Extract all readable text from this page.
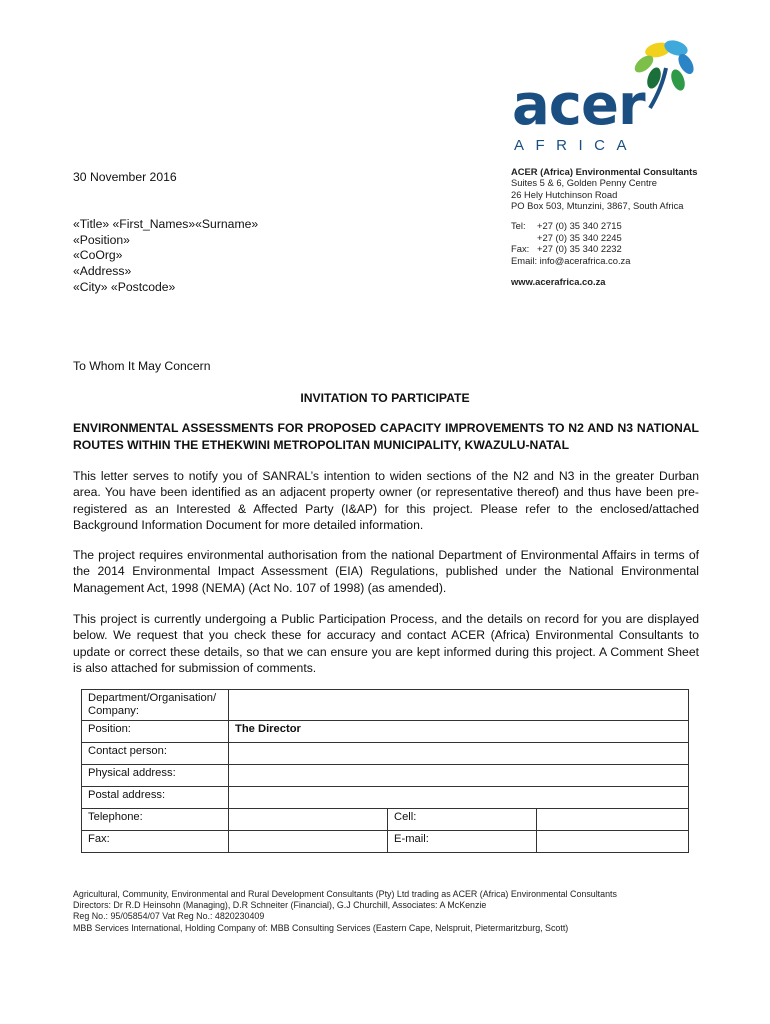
acer
AFRICA
ACER (Africa) Environmental Consultants
Suites 5 & 6, Golden Penny Centre
26 Hely Hutchinson Road
PO Box 503, Mtunzini, 3867, South Africa
Tel:	+27 (0) 35 340 2715
+27 (0) 35 340 2245
Fax: +27 (0) 35 340 2232
Email: info@acerafrica.co.za
www.acerafrica.co.za
30 November 2016
«Title» «First_Names»«Surname»
«Position»
«CoOrg»
«Address»
«City» «Postcode»
To Whom It May Concern
INVITATION TO PARTICIPATE
ENVIRONMENTAL ASSESSMENTS FOR PROPOSED CAPACITY IMPROVEMENTS TO N2 AND N3 NATIONAL ROUTES WITHIN THE ETHEKWINI METROPOLITAN MUNICIPALITY, KWAZULU-NATAL
This letter serves to notify you of SANRAL’s intention to widen sections of the N2 and N3 in the greater Durban area. You have been identified as an adjacent property owner (or representative thereof) and thus have been pre-registered as an Interested & Affected Party (I&AP) for this project. Please refer to the enclosed/attached Background Information Document for more detailed information.
The project requires environmental authorisation from the national Department of Environmental Affairs in terms of the 2014 Environmental Impact Assessment (EIA) Regulations, published under the National Environmental Management Act, 1998 (NEMA) (Act No. 107 of 1998) (as amended).
This project is currently undergoing a Public Participation Process, and the details on record for you are displayed below. We request that you check these for accuracy and contact ACER (Africa) Environmental Consultants to update or correct these details, so that we can ensure you are kept informed during this project. A Comment Sheet is also attached for submission of comments.
Department/Organisation/ Company:			
Position:	The Director		
Contact person:			
Physical address:			
Postal address:			
Telephone:		Cell:	
Fax:		E-mail:	
Agricultural, Community, Environmental and Rural Development Consultants (Pty) Ltd trading as ACER (Africa) Environmental Consultants
Directors: Dr R.D Heinsohn (Managing), D.R Schneiter (Financial), G.J Churchill, Associates: A McKenzie
Reg No.: 95/05854/07 Vat Reg No.: 4820230409
MBB Services International, Holding Company of: MBB Consulting Services (Eastern Cape, Nelspruit, Pietermaritzburg, Scott)
